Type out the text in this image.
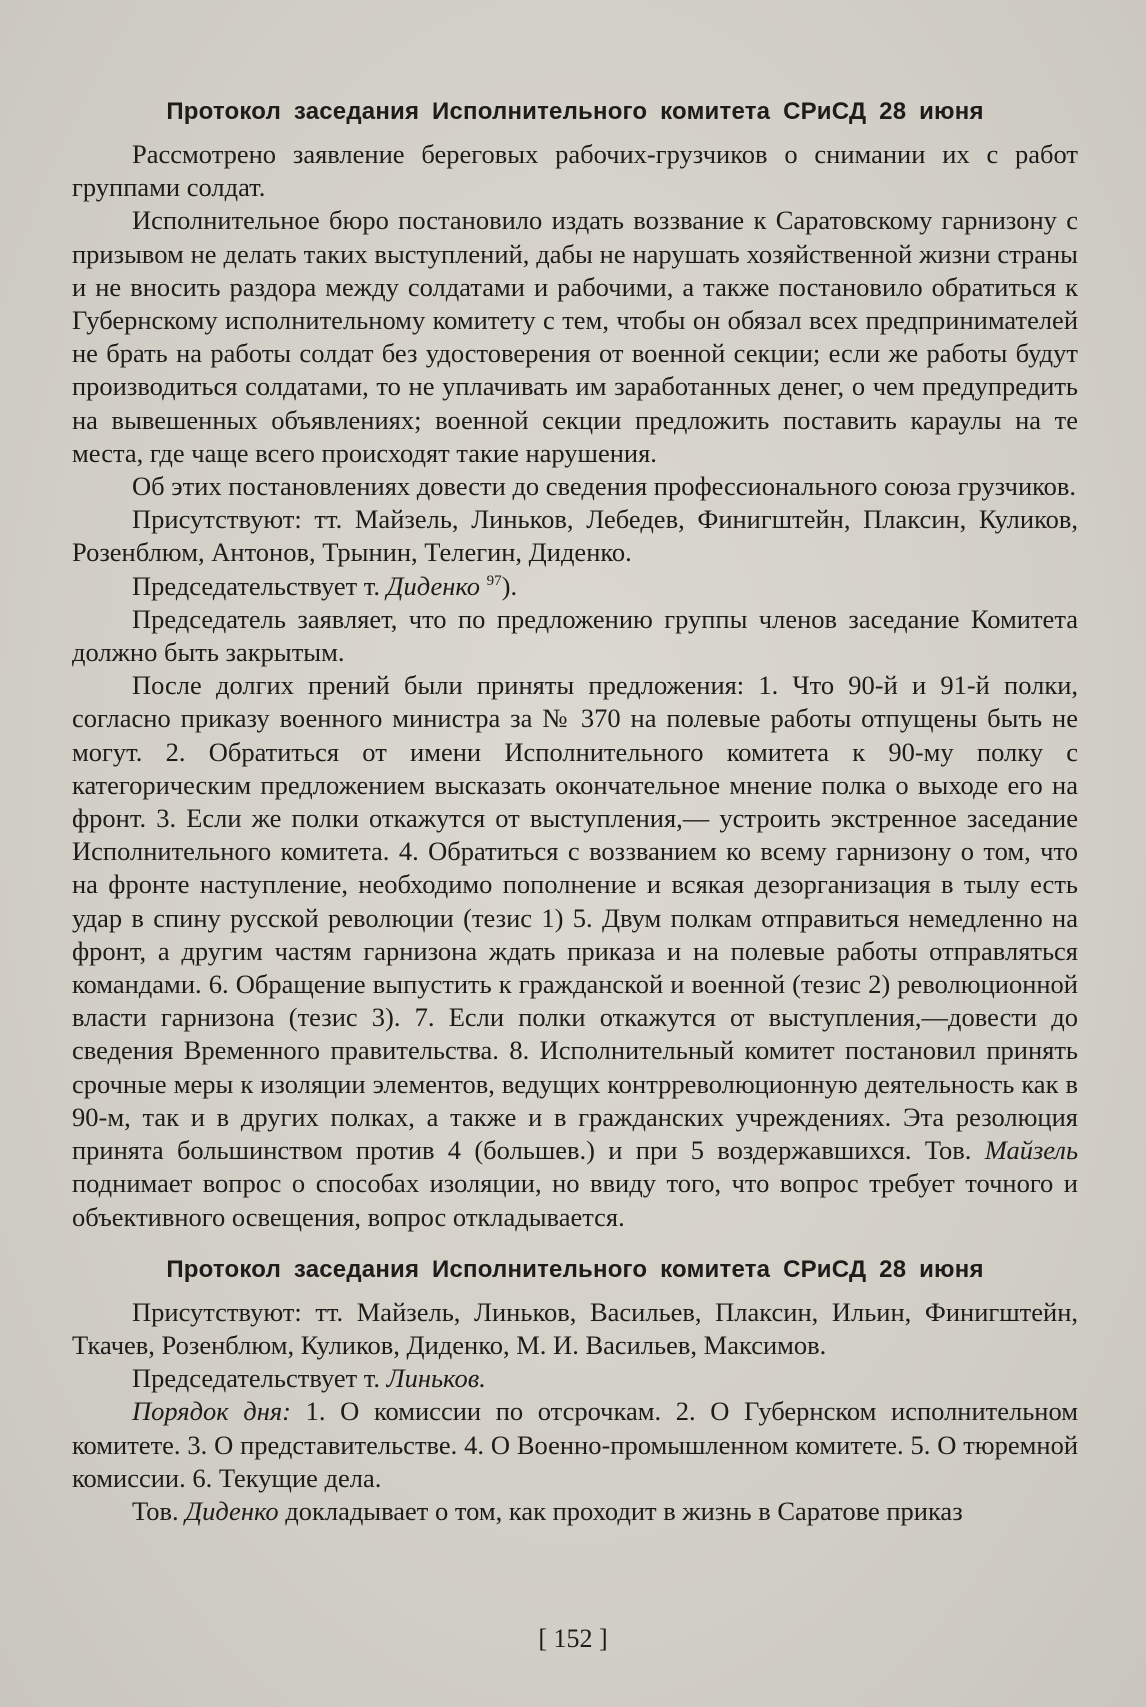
Протокол заседания Исполнительного комитета СРиСД 28 июня

Рассмотрено заявление береговых рабочих-грузчиков о снимании их с работ группами солдат.

Исполнительное бюро постановило издать воззвание к Саратовскому гарнизону с призывом не делать таких выступлений, дабы не нарушать хозяйственной жизни страны и не вносить раздора между солдатами и рабочими, а также постановило обратиться к Губернскому исполнительному комитету с тем, чтобы он обязал всех предпринимателей не брать на работы солдат без удостоверения от военной секции; если же работы будут производиться солдатами, то не уплачивать им заработанных денег, о чем предупредить на вывешенных объявлениях; военной секции предложить поставить караулы на те места, где чаще всего происходят такие нарушения.

Об этих постановлениях довести до сведения профессионального союза грузчиков.

Присутствуют: тт. Майзель, Линьков, Лебедев, Финигштейн, Плаксин, Куликов, Розенблюм, Антонов, Трынин, Телегин, Диденко.

Председательствует т. Диденко $^{97}$).

Председатель заявляет, что по предложению группы членов заседание Комитета должно быть закрытым.

После долгих прений были приняты предложения: 1. Что 90-й и 91-й полки, согласно приказу военного министра за № 370 на полевые работы отпущены быть не могут. 2. Обратиться от имени Исполнительного комитета к 90-му полку с категорическим предложением высказать окончательное мнение полка о выходе его на фронт. 3. Если же полки откажутся от выступления,— устроить экстренное заседание Исполнительного комитета. 4. Обратиться с воззванием ко всему гарнизону о том, что на фронте наступление, необходимо пополнение и всякая дезорганизация в тылу есть удар в спину русской революции (тезис 1) 5. Двум полкам отправиться немедленно на фронт, а другим частям гарнизона ждать приказа и на полевые работы отправляться командами. 6. Обращение выпустить к гражданской и военной (тезис 2) революционной власти гарнизона (тезис 3). 7. Если полки откажутся от выступления,—довести до сведения Временного правительства. 8. Исполнительный комитет постановил принять срочные меры к изоляции элементов, ведущих контрреволюционную деятельность как в 90-м, так и в других полках, а также и в гражданских учреждениях. Эта резолюция принята большинством против 4 (большев.) и при 5 воздержавшихся. Тов. Майзель поднимает вопрос о способах изоляции, но ввиду того, что вопрос требует точного и объективного освещения, вопрос откладывается.

Протокол заседания Исполнительного комитета СРиСД 28 июня

Присутствуют: тт. Майзель, Линьков, Васильев, Плаксин, Ильин, Финигштейн, Ткачев, Розенблюм, Куликов, Диденко, М. И. Васильев, Максимов.

Председательствует т. Линьков.

Порядок дня: 1. О комиссии по отсрочкам. 2. О Губернском исполнительном комитете. 3. О представительстве. 4. О Военно-промышленном комитете. 5. О тюремной комиссии. 6. Текущие дела.

Тов. Диденко докладывает о том, как проходит в жизнь в Саратове приказ

[ 152 ]
